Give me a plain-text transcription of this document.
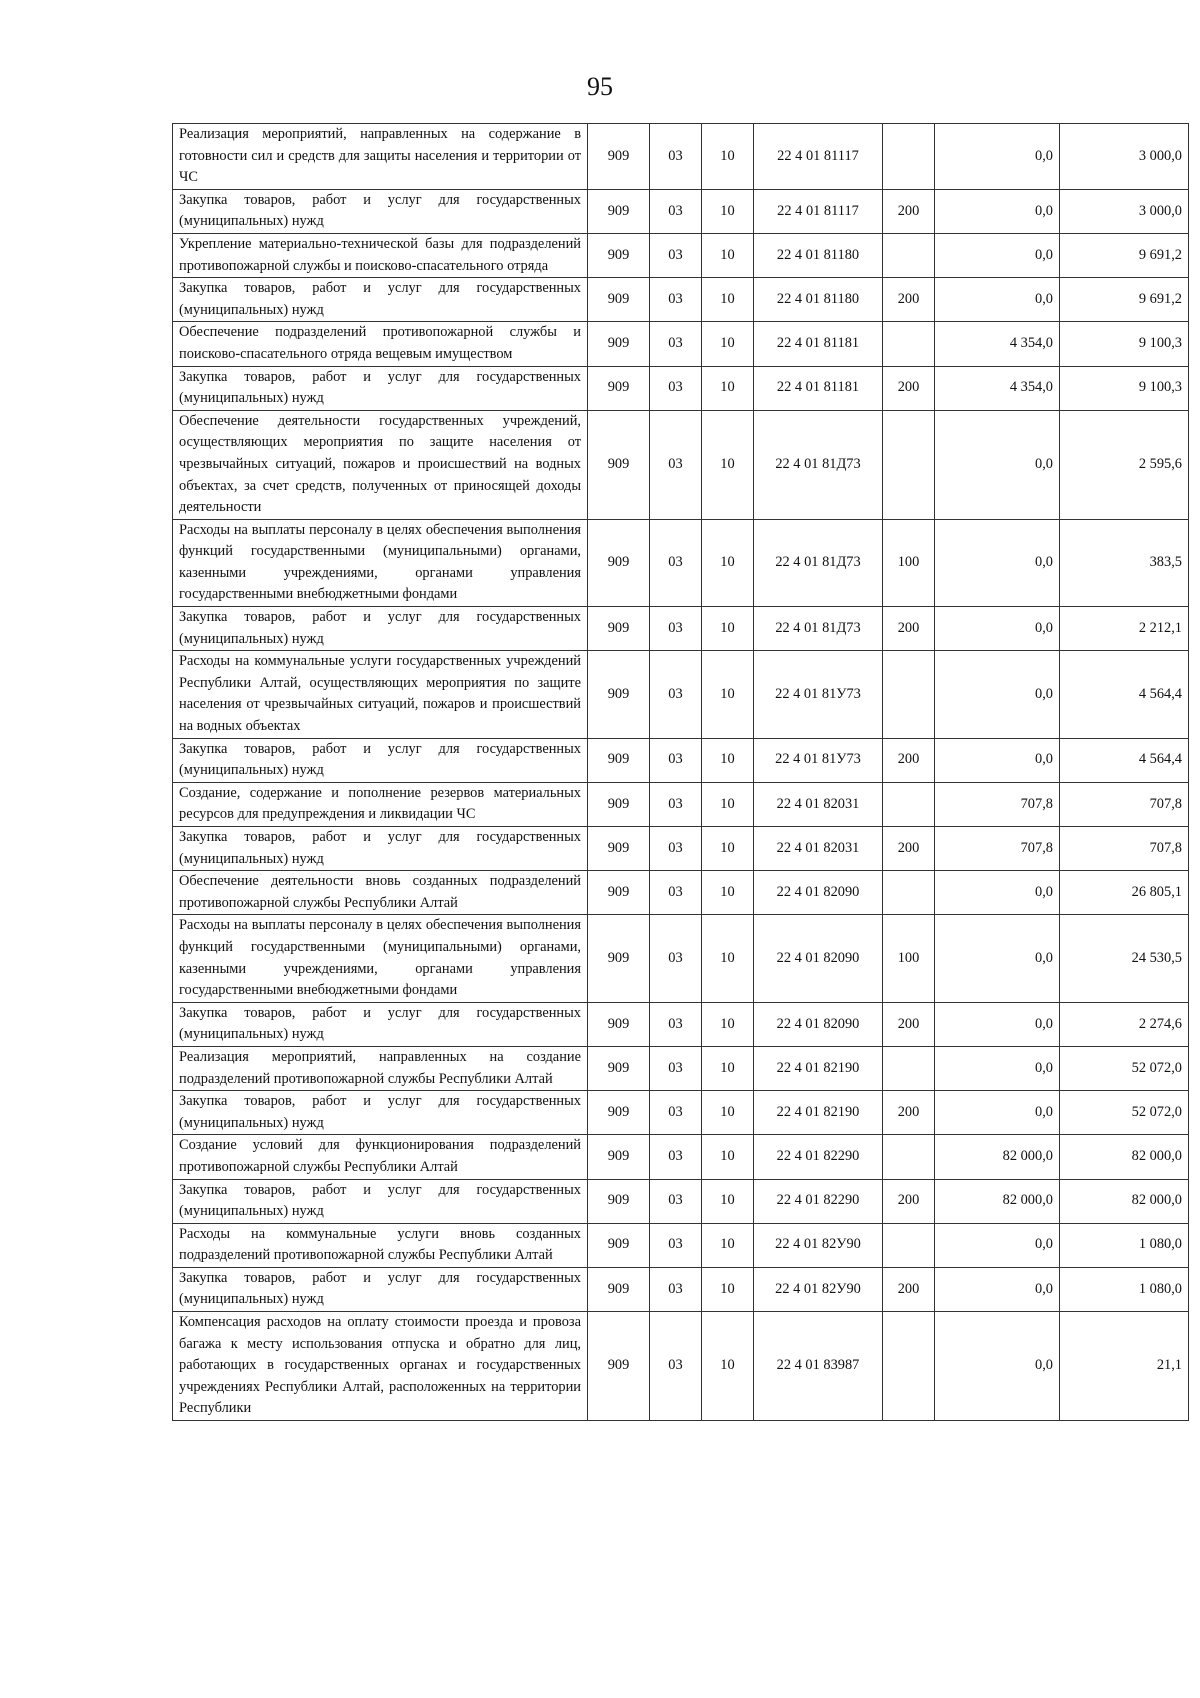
95
Реализация мероприятий, направленных на содержание в готовности сил и средств для защиты населения и территории от ЧС	909	03	10	22 4 01 81117		0,0	3 000,0
Закупка товаров, работ и услуг для государственных (муниципальных) нужд	909	03	10	22 4 01 81117	200	0,0	3 000,0
Укрепление материально-технической базы для подразделений противопожарной службы и поисково-спасательного отряда	909	03	10	22 4 01 81180		0,0	9 691,2
Закупка товаров, работ и услуг для государственных (муниципальных) нужд	909	03	10	22 4 01 81180	200	0,0	9 691,2
Обеспечение подразделений противопожарной службы и поисково-спасательного отряда вещевым имуществом	909	03	10	22 4 01 81181		4 354,0	9 100,3
Закупка товаров, работ и услуг для государственных (муниципальных) нужд	909	03	10	22 4 01 81181	200	4 354,0	9 100,3
Обеспечение деятельности государственных учреждений, осуществляющих мероприятия по защите населения от чрезвычайных ситуаций, пожаров и происшествий на водных объектах, за счет средств, полученных от приносящей доходы деятельности	909	03	10	22 4 01 81Д73		0,0	2 595,6
Расходы на выплаты персоналу в целях обеспечения выполнения функций государственными (муниципальными) органами, казенными учреждениями, органами управления государственными внебюджетными фондами	909	03	10	22 4 01 81Д73	100	0,0	383,5
Закупка товаров, работ и услуг для государственных (муниципальных) нужд	909	03	10	22 4 01 81Д73	200	0,0	2 212,1
Расходы на коммунальные услуги государственных учреждений Республики Алтай, осуществляющих мероприятия по защите населения от чрезвычайных ситуаций, пожаров и происшествий на водных объектах	909	03	10	22 4 01 81У73		0,0	4 564,4
Закупка товаров, работ и услуг для государственных (муниципальных) нужд	909	03	10	22 4 01 81У73	200	0,0	4 564,4
Создание, содержание и пополнение резервов материальных ресурсов для предупреждения и ликвидации ЧС	909	03	10	22 4 01 82031		707,8	707,8
Закупка товаров, работ и услуг для государственных (муниципальных) нужд	909	03	10	22 4 01 82031	200	707,8	707,8
Обеспечение деятельности вновь созданных подразделений противопожарной службы Республики Алтай	909	03	10	22 4 01 82090		0,0	26 805,1
Расходы на выплаты персоналу в целях обеспечения выполнения функций государственными (муниципальными) органами, казенными учреждениями, органами управления государственными внебюджетными фондами	909	03	10	22 4 01 82090	100	0,0	24 530,5
Закупка товаров, работ и услуг для государственных (муниципальных) нужд	909	03	10	22 4 01 82090	200	0,0	2 274,6
Реализация мероприятий, направленных на создание подразделений противопожарной службы Республики Алтай	909	03	10	22 4 01 82190		0,0	52 072,0
Закупка товаров, работ и услуг для государственных (муниципальных) нужд	909	03	10	22 4 01 82190	200	0,0	52 072,0
Создание условий для функционирования подразделений противопожарной службы Республики Алтай	909	03	10	22 4 01 82290		82 000,0	82 000,0
Закупка товаров, работ и услуг для государственных (муниципальных) нужд	909	03	10	22 4 01 82290	200	82 000,0	82 000,0
Расходы на коммунальные услуги вновь созданных подразделений противопожарной службы Республики Алтай	909	03	10	22 4 01 82У90		0,0	1 080,0
Закупка товаров, работ и услуг для государственных (муниципальных) нужд	909	03	10	22 4 01 82У90	200	0,0	1 080,0
Компенсация расходов на оплату стоимости проезда и провоза багажа к месту использования отпуска и обратно для лиц, работающих в государственных органах и государственных учреждениях Республики Алтай, расположенных на территории Республики	909	03	10	22 4 01 83987		0,0	21,1
